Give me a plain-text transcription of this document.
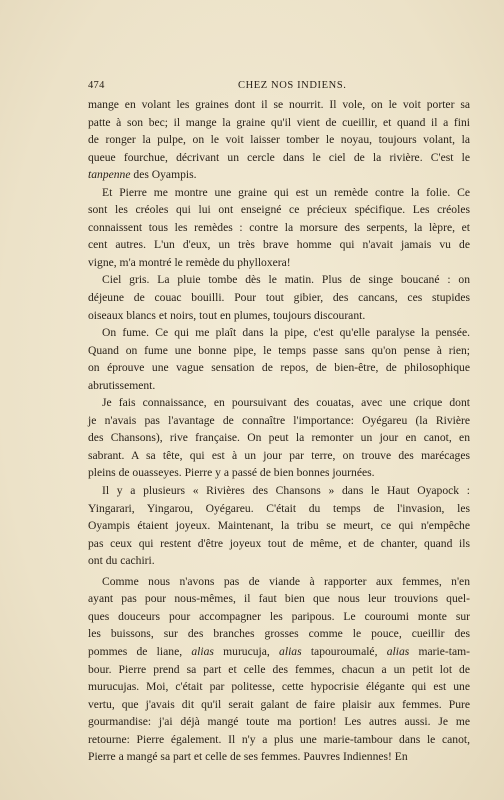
474	CHEZ NOS INDIENS.

mange en volant les graines dont il se nourrit. Il vole, on le voit porter sa
patte à son bec; il mange la graine qu'il vient de cueillir, et quand il a fini
de ronger la pulpe, on le voit laisser tomber le noyau, toujours volant, la
queue fourchue, décrivant un cercle dans le ciel de la rivière. C'est le
tanpenne des Oyampis.

Et Pierre me montre une graine qui est un remède contre la folie. Ce
sont les créoles qui lui ont enseigné ce précieux spécifique. Les créoles
connaissent tous les remèdes : contre la morsure des serpents, la lèpre, et
cent autres. L'un d'eux, un très brave homme qui n'avait jamais vu de
vigne, m'a montré le remède du phylloxera!

Ciel gris. La pluie tombe dès le matin. Plus de singe boucané : on
déjeune de couac bouilli. Pour tout gibier, des cancans, ces stupides
oiseaux blancs et noirs, tout en plumes, toujours discourant.

On fume. Ce qui me plaît dans la pipe, c'est qu'elle paralyse la pensée.
Quand on fume une bonne pipe, le temps passe sans qu'on pense à rien;
on éprouve une vague sensation de repos, de bien-être, de philosophique
abrutissement.

Je fais connaissance, en poursuivant des couatas, avec une crique dont
je n'avais pas l'avantage de connaître l'importance: Oyégareu (la Rivière
des Chansons), rive française. On peut la remonter un jour en canot, en
sabrant. A sa tête, qui est à un jour par terre, on trouve des marécages
pleins de ouasseyes. Pierre y a passé de bien bonnes journées.

Il y a plusieurs « Rivières des Chansons » dans le Haut Oyapock :
Yingarari, Yingarou, Oyégareu. C'était du temps de l'invasion, les
Oyampis étaient joyeux. Maintenant, la tribu se meurt, ce qui n'empêche
pas ceux qui restent d'être joyeux tout de même, et de chanter, quand ils
ont du cachiri.

Comme nous n'avons pas de viande à rapporter aux femmes, n'en
ayant pas pour nous-mêmes, il faut bien que nous leur trouvions quel-
ques douceurs pour accompagner les paripous. Le couroumi monte sur
les buissons, sur des branches grosses comme le pouce, cueillir des
pommes de liane, alias murucuja, alias tapouroumalé, alias marie-tam-
bour. Pierre prend sa part et celle des femmes, chacun a un petit lot de
murucujas. Moi, c'était par politesse, cette hypocrisie élégante qui est une
vertu, que j'avais dit qu'il serait galant de faire plaisir aux femmes. Pure
gourmandise: j'ai déjà mangé toute ma portion! Les autres aussi. Je me
retourne: Pierre également. Il n'y a plus une marie-tambour dans le canot,
Pierre a mangé sa part et celle de ses femmes. Pauvres Indiennes! En
